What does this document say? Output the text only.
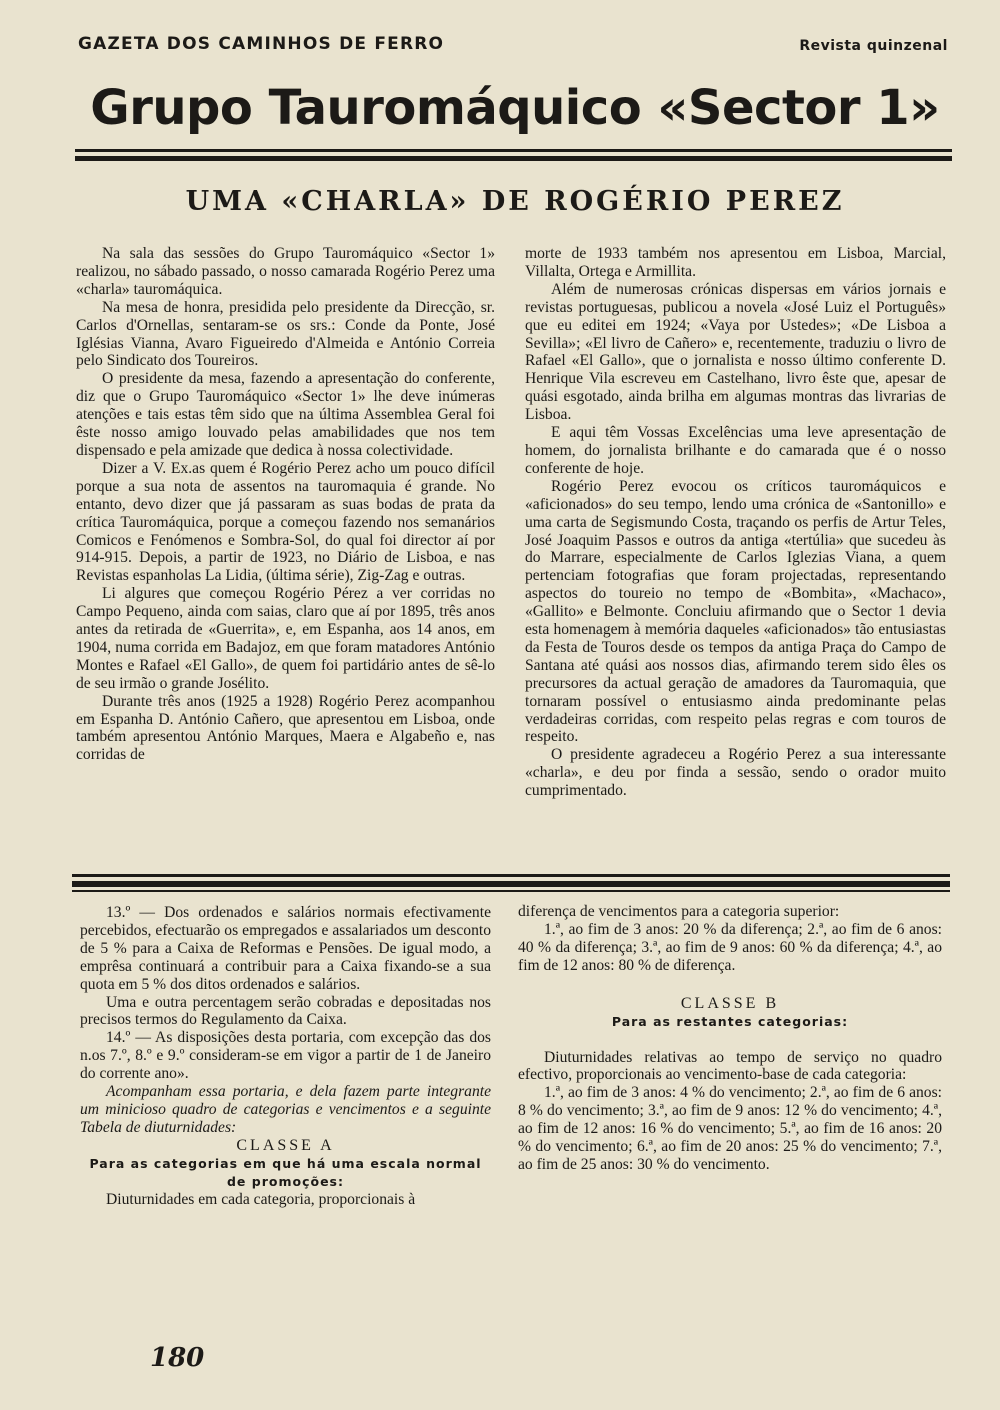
GAZETA DOS CAMINHOS DE FERRO	Revista quinzenal
Grupo Tauromáquico «Sector 1»
UMA «CHARLA» DE ROGÉRIO PEREZ

Na sala das sessões do Grupo Tauromáquico «Sector 1» realizou, no sábado passado, o nosso camarada Rogério Perez uma «charla» tauromáquica.

Na mesa de honra, presidida pelo presidente da Direcção, sr. Carlos d'Ornellas, sentaram-se os srs.: Conde da Ponte, José Iglésias Vianna, Avaro Figueiredo d'Almeida e António Correia pelo Sindicato dos Toureiros.

O presidente da mesa, fazendo a apresentação do conferente, diz que o Grupo Tauromáquico «Sector 1» lhe deve inúmeras atenções e tais estas têm sido que na última Assembleа Geral foi êste nosso amigo louvado pelas amabilidades que nos tem dispensado e pela amizade que dedica à nossa colectividade.

Dizer a V. Ex.as quem é Rogério Perez acho um pouco difícil porque a sua nota de assentos na tauromaquia é grande. No entanto, devo dizer que já passaram as suas bodas de prata da crítica Tauromáquica, porque a começou fazendo nos semanários Comicos e Fenómenos e Sombra-Sol, do qual foi director aí por 914-915. Depois, a partir de 1923, no Diário de Lisboa, e nas Revistas espanholas La Lidia, (última série), Zig-Zag e outras.

Li algures que começou Rogério Pérez a ver corridas no Campo Pequeno, ainda com saias, claro que aí por 1895, três anos antes da retirada de «Guerrita», e, em Espanha, aos 14 anos, em 1904, numa corrida em Badajoz, em que foram matadores António Montes e Rafael «El Gallo», de quem foi partidário antes de sê-lo de seu irmão o grande Josélito.

Durante três anos (1925 a 1928) Rogério Perez acompanhou em Espanha D. António Cañero, que apresentou em Lisboa, onde também apresentou António Marques, Maera e Algabeño e, nas corridas de

morte de 1933 também nos apresentou em Lisboa, Marcial, Villalta, Ortega e Armillita.

Além de numerosas crónicas dispersas em vários jornais e revistas portuguesas, publicou a novela «José Luiz el Português» que eu editei em 1924; «Vaya por Ustedes»; «De Lisboa a Sevilla»; «El livro de Cañero» e, recentemente, traduziu o livro de Rafael «El Gallo», que o jornalista e nosso último conferente D. Henrique Vila escreveu em Castelhano, livro êste que, apesar de quási esgotado, ainda brilha em algumas montras das livrarias de Lisboa.

E aqui têm Vossas Excelências uma leve apresentação de homem, do jornalista brilhante e do camarada que é o nosso conferente de hoje.

Rogério Perez evocou os críticos tauromáquicos e «aficionados» do seu tempo, lendo uma crónica de «Santonillo» e uma carta de Segismundo Costa, traçando os perfis de Artur Teles, José Joaquim Passos e outros da antiga «tertúlia» que sucedeu às do Marrare, especialmente de Carlos Iglezias Viana, a quem pertenciam fotografias que foram projectadas, representando aspectos do toureio no tempo de «Bombita», «Machaco», «Gallito» e Belmonte. Concluiu afirmando que o Sector 1 devia esta homenagem à memória daqueles «aficionados» tão entusiastas da Festa de Touros desde os tempos da antiga Praça do Campo de Santana até quási aos nossos dias, afirmando terem sido êles os precursores da actual geração de amadores da Tauromaquia, que tornaram possível o entusiasmo ainda predominante pelas verdadeiras corridas, com respeito pelas regras e com touros de respeito.

O presidente agradeceu a Rogério Perez a sua interessante «charla», e deu por finda a sessão, sendo o orador muito cumprimentado.

13.º — Dos ordenados e salários normais efectivamente percebidos, efectuarão os empregados e assalariados um desconto de 5 % para a Caixa de Reformas e Pensões. De igual modo, a emprêsa continuará a contribuir para a Caixa fixando-se a sua quota em 5 % dos ditos ordenados e salários.

Uma e outra percentagem serão cobradas e depositadas nos precisos termos do Regulamento da Caixa.

14.º — As disposições desta portaria, com excepção das dos n.os 7.º, 8.º e 9.º consideram-se em vigor a partir de 1 de Janeiro do corrente ano».

Acompanham essa portaria, e dela fazem parte integrante um minicioso quadro de categorias e vencimentos e a seguinte Tabela de diuturnidades:

CLASSE A

Para as categorias em que há uma escala normal de promoções:

Diuturnidades em cada categoria, proporcionais à

diferença de vencimentos para a categoria superior:

1.ª, ao fim de 3 anos: 20 % da diferença; 2.ª, ao fim de 6 anos: 40 % da diferença; 3.ª, ao fim de 9 anos: 60 % da diferença; 4.ª, ao fim de 12 anos: 80 % de diferença.

CLASSE B

Para as restantes categorias:

Diuturnidades relativas ao tempo de serviço no quadro efectivo, proporcionais ao vencimento-base de cada categoria:

1.ª, ao fim de 3 anos: 4 % do vencimento; 2.ª, ao fim de 6 anos: 8 % do vencimento; 3.ª, ao fim de 9 anos: 12 % do vencimento; 4.ª, ao fim de 12 anos: 16 % do vencimento; 5.ª, ao fim de 16 anos: 20 % do vencimento; 6.ª, ao fim de 20 anos: 25 % do vencimento; 7.ª, ao fim de 25 anos: 30 % do vencimento.

180
